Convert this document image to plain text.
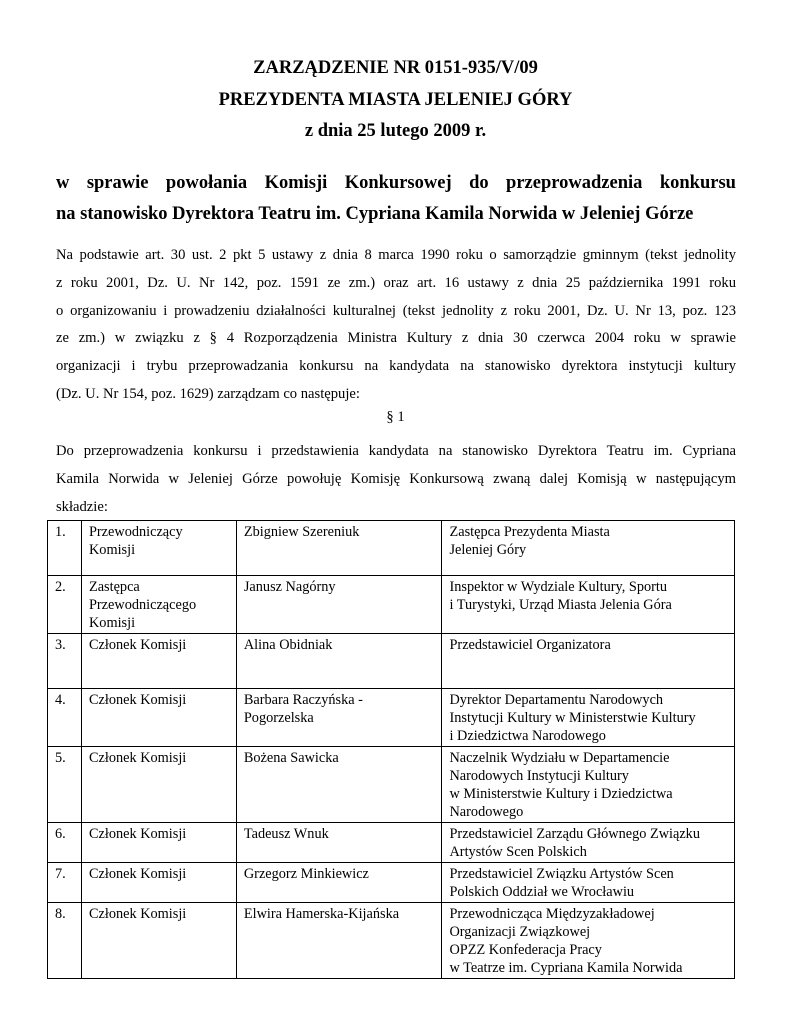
ZARZĄDZENIE NR 0151-935/V/09
PREZYDENTA MIASTA JELENIEJ GÓRY
z dnia 25 lutego 2009 r.
w sprawie powołania Komisji Konkursowej do przeprowadzenia konkursu
na stanowisko Dyrektora Teatru im. Cypriana Kamila Norwida w Jeleniej Górze
Na podstawie art. 30 ust. 2 pkt 5 ustawy z dnia 8 marca 1990 roku o samorządzie gminnym (tekst jednolity
z roku 2001, Dz. U. Nr 142, poz. 1591 ze zm.) oraz art. 16 ustawy z dnia 25 października 1991 roku
o organizowaniu i prowadzeniu działalności kulturalnej (tekst jednolity z roku 2001, Dz. U. Nr 13, poz. 123
ze zm.) w związku z § 4 Rozporządzenia Ministra Kultury z dnia 30 czerwca 2004 roku w sprawie
organizacji i trybu przeprowadzania konkursu na kandydata na stanowisko dyrektora instytucji kultury
(Dz. U. Nr 154, poz. 1629) zarządzam co następuje:
§ 1
Do przeprowadzenia konkursu i przedstawienia kandydata na stanowisko Dyrektora Teatru im. Cypriana
Kamila Norwida w Jeleniej Górze powołuję Komisję Konkursową zwaną dalej Komisją w następującym
składzie:
1.	Przewodniczący
Komisji	Zbigniew Szereniuk	Zastępca Prezydenta Miasta
Jeleniej Góry
2.	Zastępca
Przewodniczącego
Komisji	Janusz Nagórny	Inspektor w Wydziale Kultury, Sportu
i Turystyki, Urząd Miasta Jelenia Góra
3.	Członek Komisji	Alina Obidniak	Przedstawiciel Organizatora
4.	Członek Komisji	Barbara Raczyńska -
Pogorzelska	Dyrektor Departamentu Narodowych
Instytucji Kultury w Ministerstwie Kultury
i Dziedzictwa Narodowego
5.	Członek Komisji	Bożena Sawicka	Naczelnik Wydziału w Departamencie
Narodowych Instytucji Kultury
w Ministerstwie Kultury i Dziedzictwa
Narodowego
6.	Członek Komisji	Tadeusz Wnuk	Przedstawiciel Zarządu Głównego Związku
Artystów Scen Polskich
7.	Członek Komisji	Grzegorz Minkiewicz	Przedstawiciel Związku Artystów Scen
Polskich Oddział we Wrocławiu
8.	Członek Komisji	Elwira Hamerska-Kijańska	Przewodnicząca Międzyzakładowej
Organizacji Związkowej
OPZZ Konfederacja Pracy
w Teatrze im. Cypriana Kamila Norwida
